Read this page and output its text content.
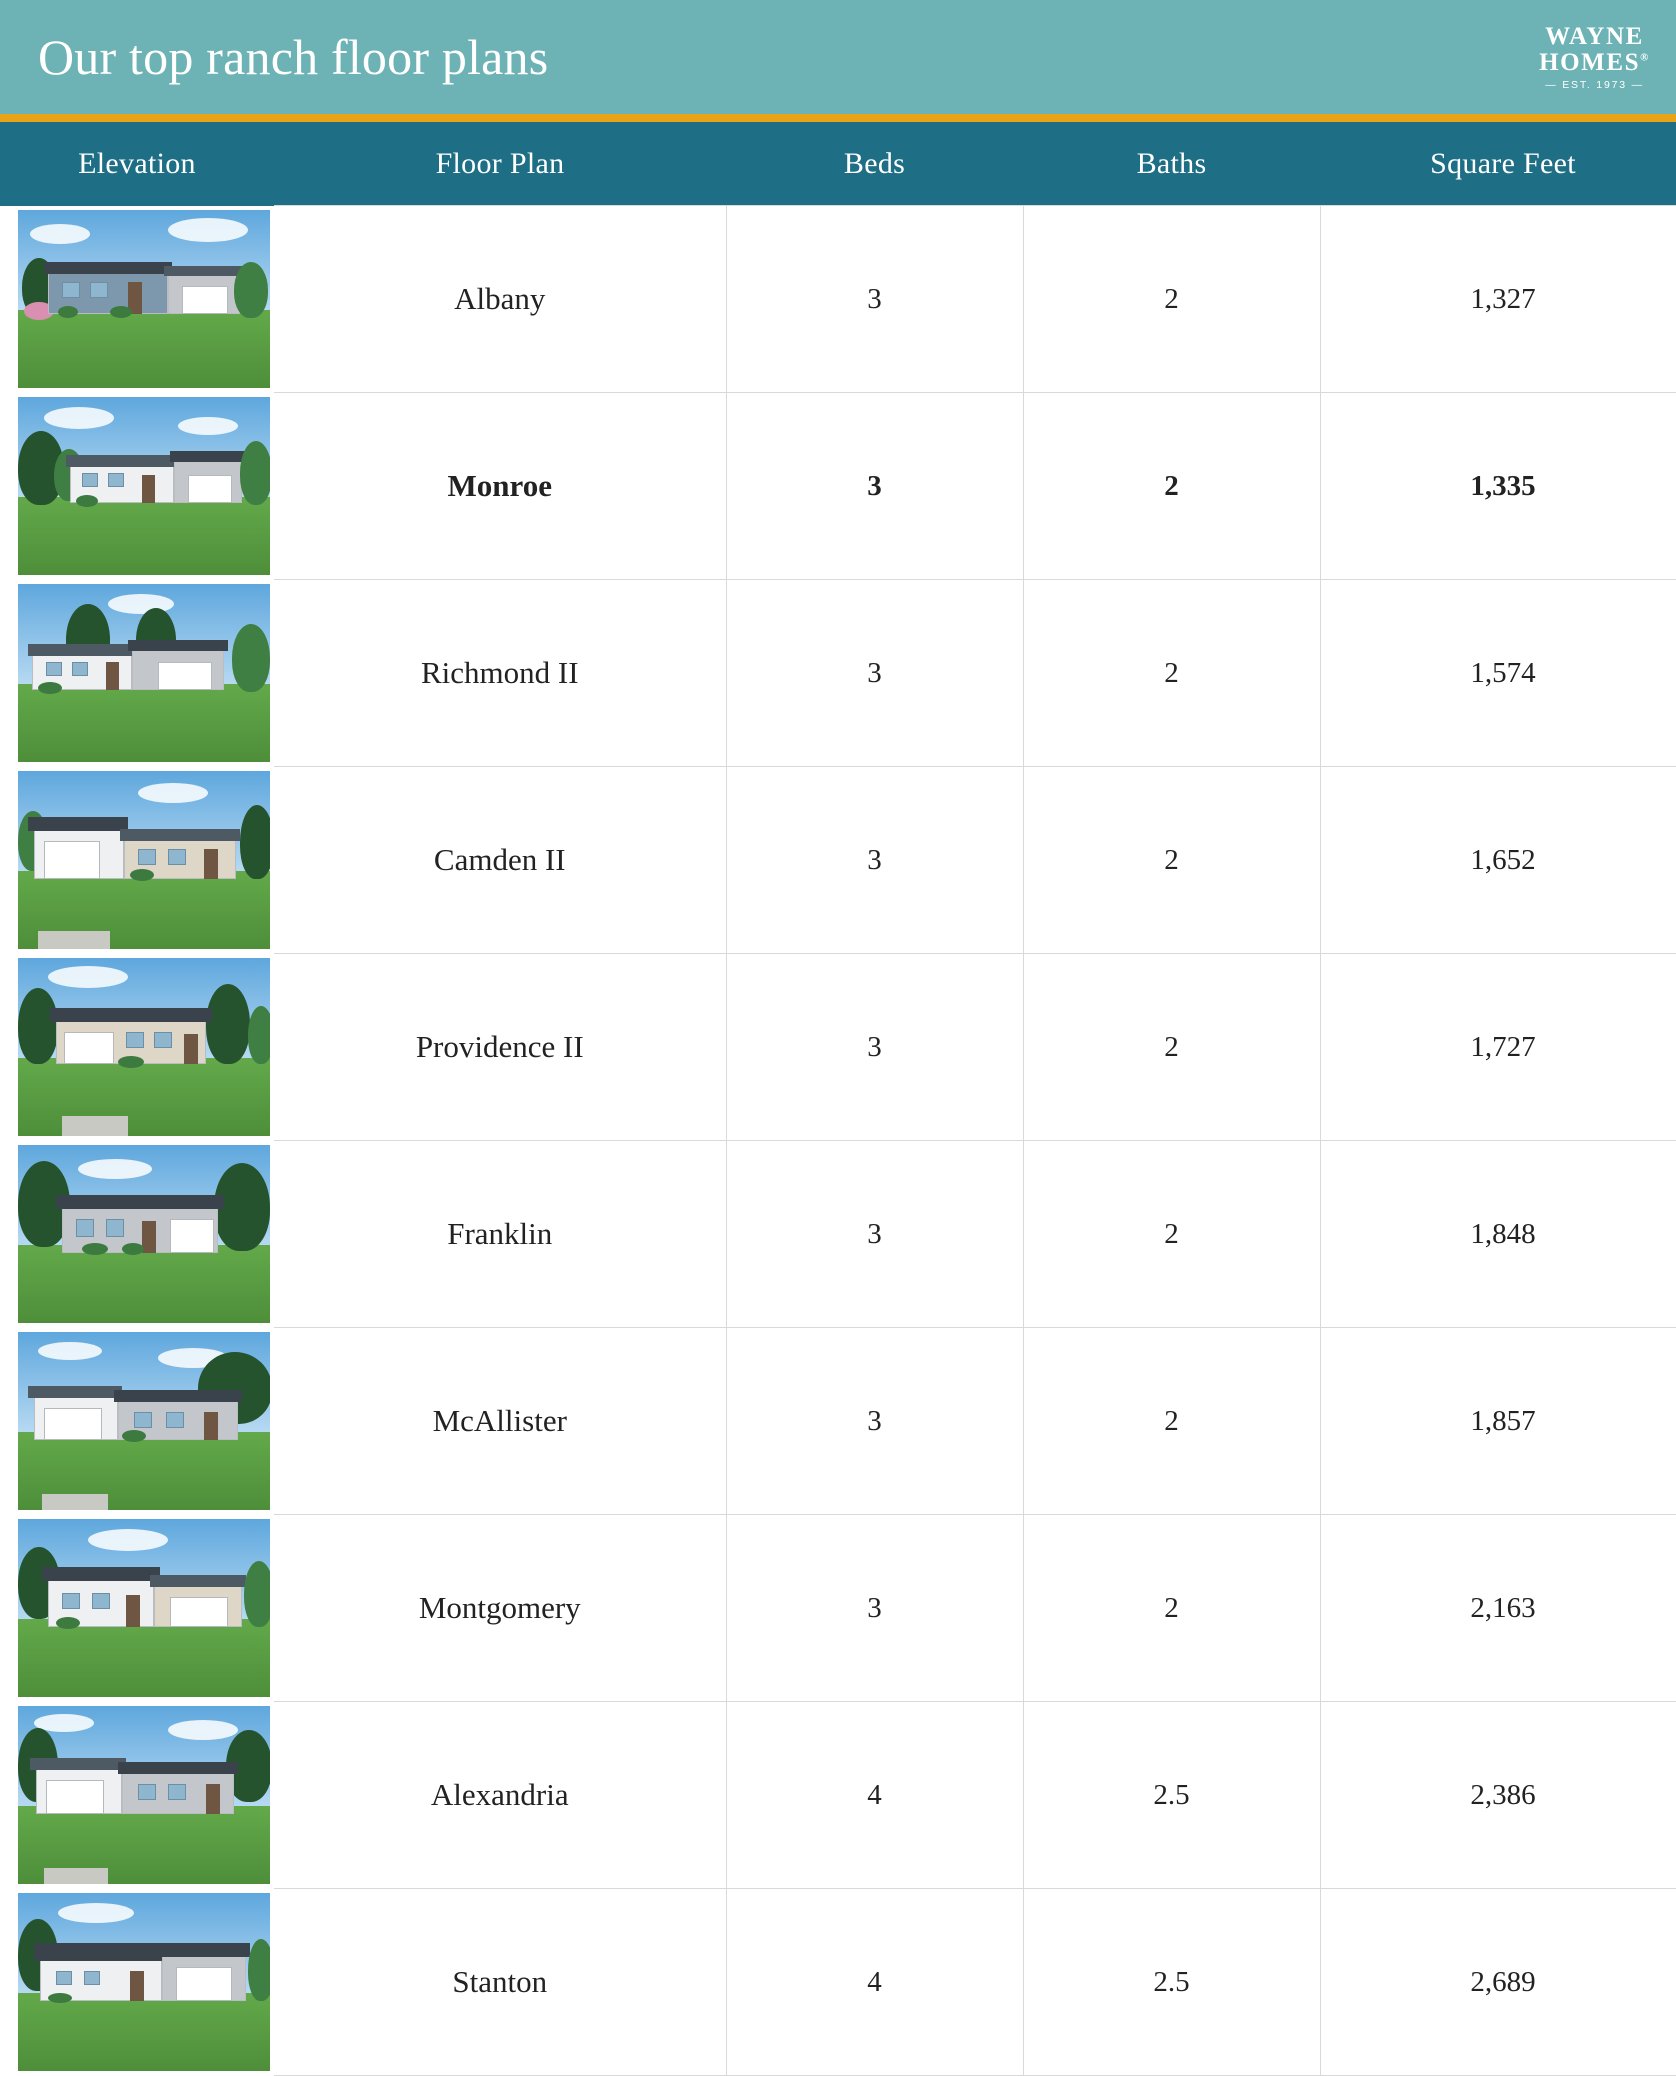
Our top ranch floor plans	WAYNE
HOMES®
— EST. 1973 —
Elevation	Floor Plan	Beds	Baths	Square Feet

	Albany	3	2	1,327

	Monroe	3	2	1,335

	Richmond II	3	2	1,574

	Camden II	3	2	1,652

	Providence II	3	2	1,727

	Franklin	3	2	1,848

	McAllister	3	2	1,857

	Montgomery	3	2	2,163

	Alexandria	4	2.5	2,386

	Stanton	4	2.5	2,689
